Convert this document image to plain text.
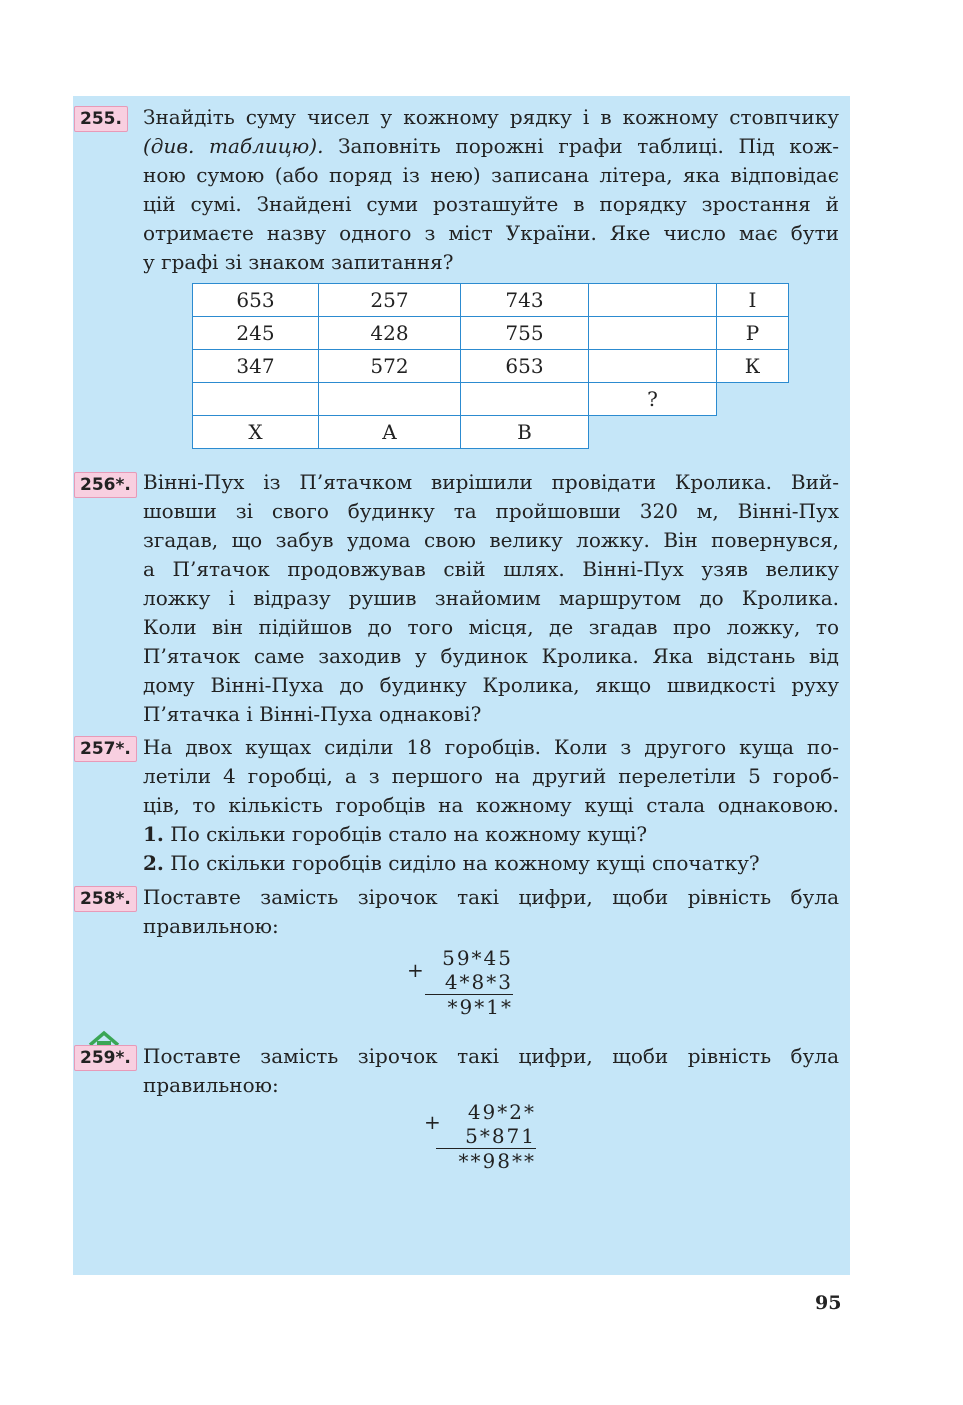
255.	Знайдіть суму чисел у кожному рядку і в кожному стовпчику
(див. таблицю). Заповніть порожні графи таблиці. Під кож-
ною сумою (або поряд із нею) записана літера, яка відповідає
цій сумі. Знайдені суми розташуйте в порядку зростання й
отримаєте назву одного з міст України. Яке число має бути
у графі зі знаком запитання?
653	257	743		І
245	428	755		Р
347	572	653		К
			?	
Х	А	В		
256*. Вінні-Пух із П’ятачком вирішили провідати Кролика. Вий-
шовши зі свого будинку та пройшовши 320 м, Вінні-Пух
згадав, що забув удома свою велику ложку. Він повернувся,
а П’ятачок продовжував свій шлях. Вінні-Пух узяв велику
ложку і відразу рушив знайомим маршрутом до Кролика.
Коли він підійшов до того місця, де згадав про ложку, то
П’ятачок саме заходив у будинок Кролика. Яка відстань від
дому Вінні-Пуха до будинку Кролика, якщо швидкості руху
П’ятачка і Вінні-Пуха однакові?
257*. На двох кущах сиділи 18 горобців. Коли з другого куща по-
летіли 4 горобці, а з першого на другий перелетіли 5 гороб-
ців, то кількість горобців на кожному кущі стала однаковою.
1. По скільки горобців стало на кожному кущі?
2. По скільки горобців сиділо на кожному кущі спочатку?
258*. Поставте замість зірочок такі цифри, щоби рівність була
правильною:
+ 59*45
4*8*3
*9*1*
259*. Поставте замість зірочок такі цифри, щоби рівність була
правильною:
+	49*2*
5*871
**98**
95
